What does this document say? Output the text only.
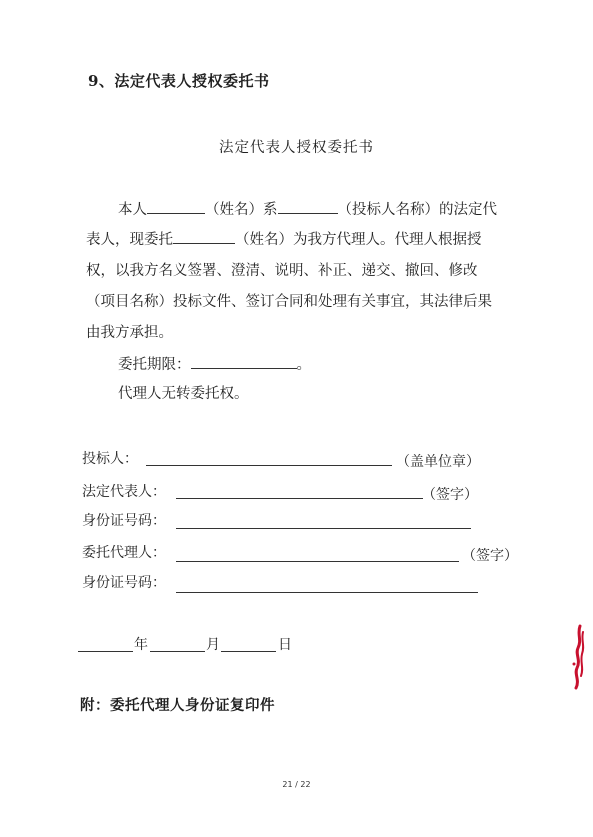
9、法定代表人授权委托书
法定代表人授权委托书
本人	（姓名）系	（投标人名称）的法定代
表人，现委托	（姓名）为我方代理人。代理人根据授
权，以我方名义签署、澄清、说明、补正、递交、撤回、修改
（项目名称）投标文件、签订合同和处理有关事宜，其法律后果
由我方承担。
委托期限：	。
代理人无转委托权。
投标人：	（盖单位章）
法定代表人：	（签字）
身份证号码：
委托代理人：	（签字）
身份证号码：
年	月	日
附：委托代理人身份证复印件
21 / 22
